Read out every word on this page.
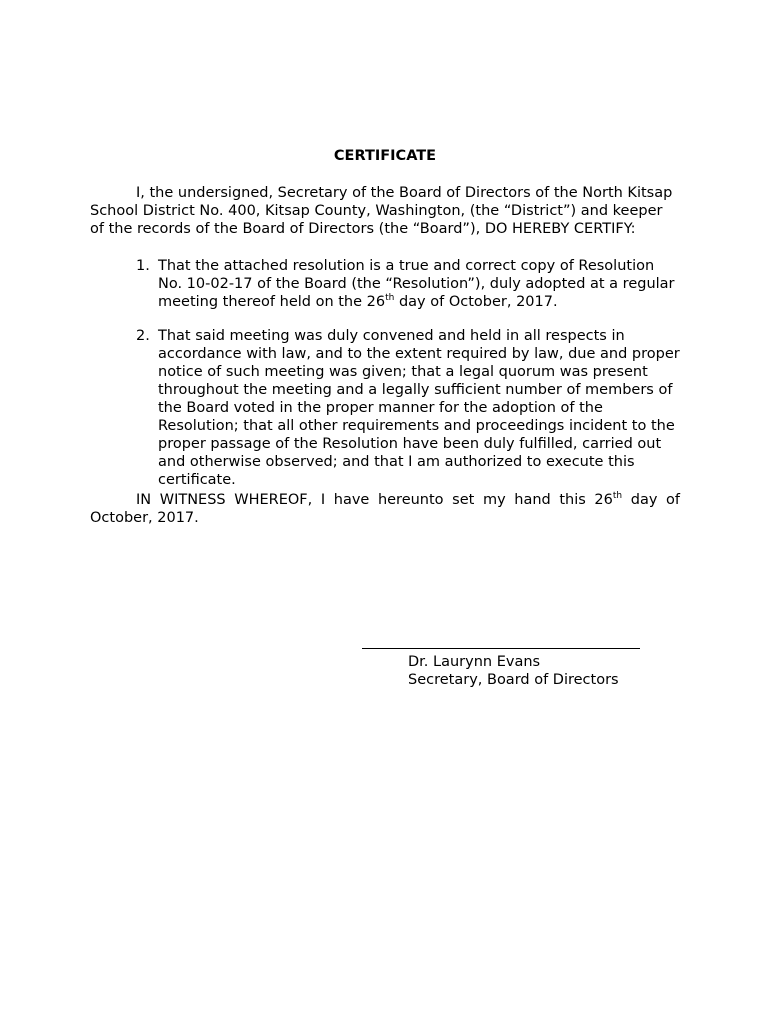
CERTIFICATE
I, the undersigned, Secretary of the Board of Directors of the North Kitsap School District No. 400, Kitsap County, Washington, (the “District”) and keeper of the records of the Board of Directors (the “Board”), DO HEREBY CERTIFY:
1. That the attached resolution is a true and correct copy of Resolution No. 10-02-17 of the Board (the “Resolution”), duly adopted at a regular meeting thereof held on the 26th day of October, 2017.
2. That said meeting was duly convened and held in all respects in accordance with law, and to the extent required by law, due and proper notice of such meeting was given; that a legal quorum was present throughout the meeting and a legally sufficient number of members of the Board voted in the proper manner for the adoption of the Resolution; that all other requirements and proceedings incident to the proper passage of the Resolution have been duly fulfilled, carried out and otherwise observed; and that I am authorized to execute this certificate.
IN WITNESS WHEREOF, I have hereunto set my hand this 26th day of October, 2017.
Dr. Laurynn Evans
Secretary, Board of Directors
